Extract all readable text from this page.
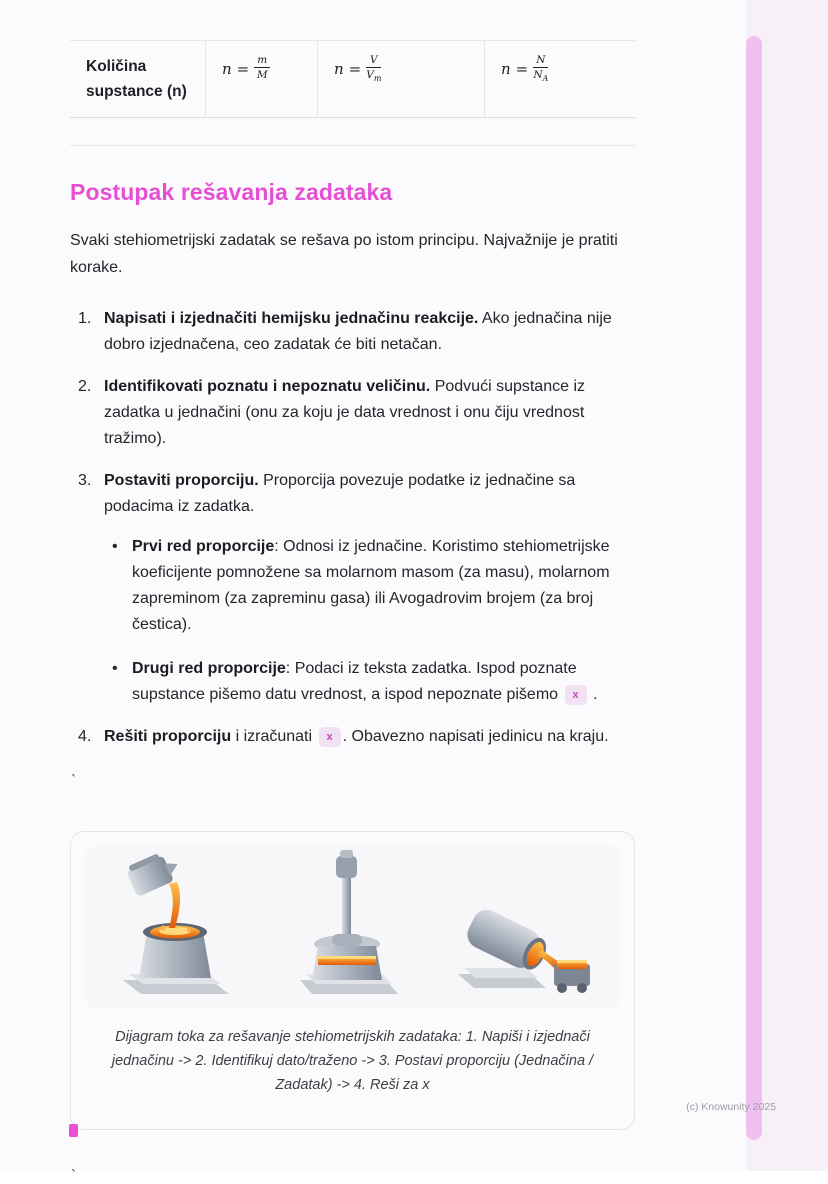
Količina supstance (n)
$n = \frac{m}{M}$	$n = \frac{V}{V_m}$	$n = \frac{N}{N_A}$
Postupak rešavanja zadataka

Svaki stehiometrijski zadatak se rešava po istom principu. Najvažnije je pratiti korake.

1. Napisati i izjednačiti hemijsku jednačinu reakcije. Ako jednačina nije dobro izjednačena, ceo zadatak će biti netačan.

2. Identifikovati poznatu i nepoznatu veličinu. Podvući supstance iz zadatka u jednačini (onu za koju je data vrednost i onu čiju vrednost tražimo).

3. Postaviti proporciju. Proporcija povezuje podatke iz jednačine sa podacima iz zadatka.

• Prvi red proporcije: Odnosi iz jednačine. Koristimo stehiometrijske koeficijente pomnožene sa molarnom masom (za masu), molarnom zapreminom (za zapreminu gasa) ili Avogadrovim brojem (za broj čestica).

• Drugi red proporcije: Podaci iz teksta zadatka. Ispod poznate supstance pišemo datu vrednost, a ispod nepoznate pišemo x .

4. Rešiti proporciju i izračunati x . Obavezno napisati jedinicu na kraju.

`

Dijagram toka za rešavanje stehiometrijskih zadataka: 1. Napiši i izjednači jednačinu -> 2. Identifikuj dato/traženo -> 3. Postavi proporciju (Jednačina / Zadatak) -> 4. Reši za x

`

(c) Knowunity 2025
